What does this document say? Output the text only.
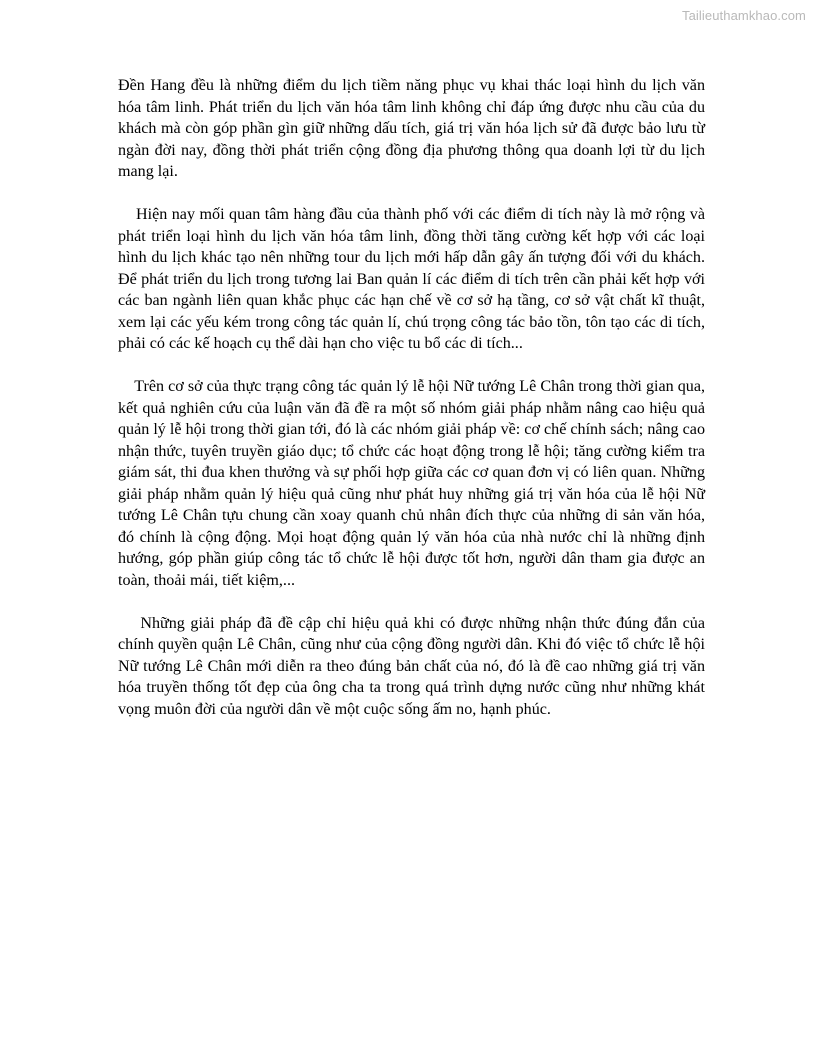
Tailieuthamkhao.com

Đền Hang đều là những điểm du lịch tiềm năng phục vụ khai thác loại hình du lịch văn hóa tâm linh. Phát triển du lịch văn hóa tâm linh không chỉ đáp ứng được nhu cầu của du khách mà còn góp phần gìn giữ những dấu tích, giá trị văn hóa lịch sử đã được bảo lưu từ ngàn đời nay, đồng thời phát triển cộng đồng địa phương thông qua doanh lợi từ du lịch mang lại.

Hiện nay mối quan tâm hàng đầu của thành phố với các điểm di tích này là mở rộng và phát triển loại hình du lịch văn hóa tâm linh, đồng thời tăng cường kết hợp với các loại hình du lịch khác tạo nên những tour du lịch mới hấp dẫn gây ấn tượng đối với du khách. Để phát triển du lịch trong tương lai Ban quản lí các điểm di tích trên cần phải kết hợp với các ban ngành liên quan khắc phục các hạn chế về cơ sở hạ tầng, cơ sở vật chất kĩ thuật, xem lại các yếu kém trong công tác quản lí, chú trọng công tác bảo tồn, tôn tạo các di tích, phải có các kế hoạch cụ thể dài hạn cho việc tu bổ các di tích...

Trên cơ sở của thực trạng công tác quản lý lễ hội Nữ tướng Lê Chân trong thời gian qua, kết quả nghiên cứu của luận văn đã đề ra một số nhóm giải pháp nhằm nâng cao hiệu quả quản lý lễ hội trong thời gian tới, đó là các nhóm giải pháp về: cơ chế chính sách; nâng cao nhận thức, tuyên truyền giáo dục; tổ chức các hoạt động trong lễ hội; tăng cường kiểm tra giám sát, thi đua khen thưởng và sự phối hợp giữa các cơ quan đơn vị có liên quan. Những giải pháp nhằm quản lý hiệu quả cũng như phát huy những giá trị văn hóa của lễ hội Nữ tướng Lê Chân tựu chung cần xoay quanh chủ nhân đích thực của những di sản văn hóa, đó chính là cộng động. Mọi hoạt động quản lý văn hóa của nhà nước chỉ là những định hướng, góp phần giúp công tác tổ chức lễ hội được tốt hơn, người dân tham gia được an toàn, thoải mái, tiết kiệm,...

Những giải pháp đã đề cập chỉ hiệu quả khi có được những nhận thức đúng đắn của chính quyền quận Lê Chân, cũng như của cộng đồng người dân. Khi đó việc tổ chức lễ hội Nữ tướng Lê Chân mới diễn ra theo đúng bản chất của nó, đó là đề cao những giá trị văn hóa truyền thống tốt đẹp của ông cha ta trong quá trình dựng nước cũng như những khát vọng muôn đời của người dân về một cuộc sống ấm no, hạnh phúc.
